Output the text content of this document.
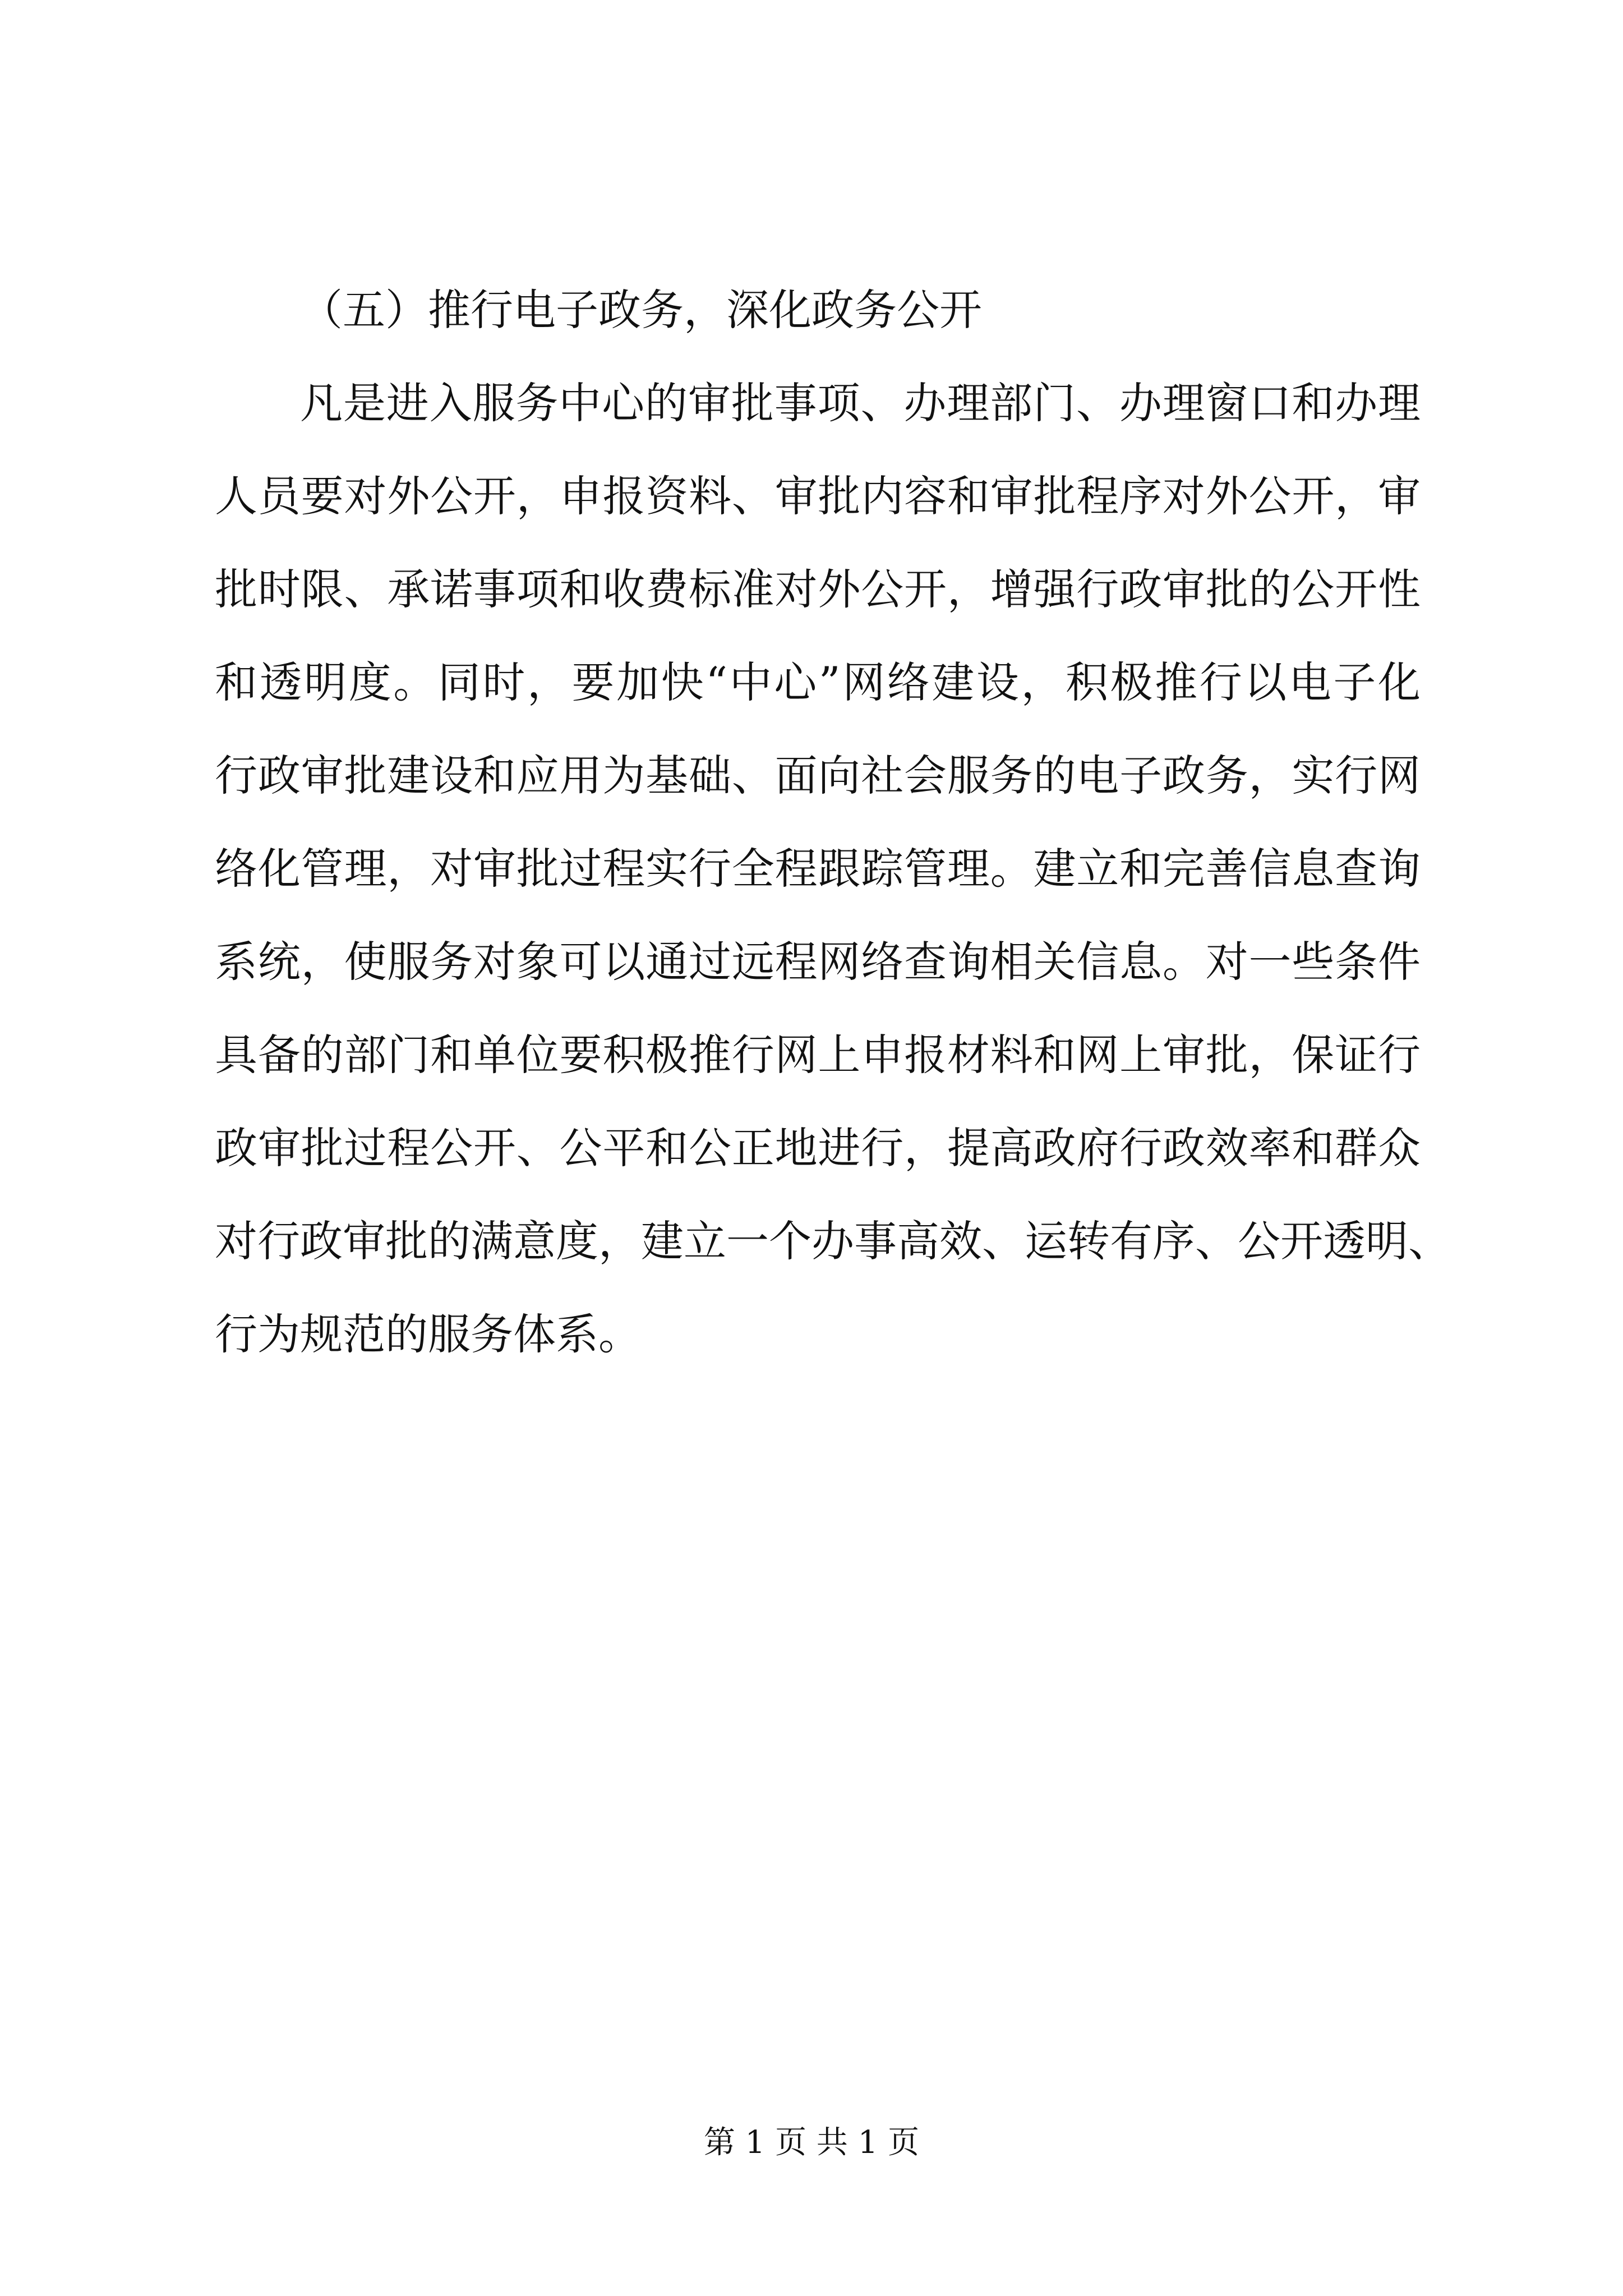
（五）推行电子政务，深化政务公开
凡是进入服务中心的审批事项、办理部门、办理窗口和办理
人员要对外公开，申报资料、审批内容和审批程序对外公开，审
批时限、承诺事项和收费标准对外公开，增强行政审批的公开性
和透明度。同时，要加快“中心”网络建设，积极推行以电子化
行政审批建设和应用为基础、面向社会服务的电子政务，实行网
络化管理，对审批过程实行全程跟踪管理。建立和完善信息查询
系统，使服务对象可以通过远程网络查询相关信息。对一些条件
具备的部门和单位要积极推行网上申报材料和网上审批，保证行
政审批过程公开、公平和公正地进行，提高政府行政效率和群众
对行政审批的满意度，建立一个办事高效、运转有序、公开透明、
行为规范的服务体系。
第 1 页 共 1 页
